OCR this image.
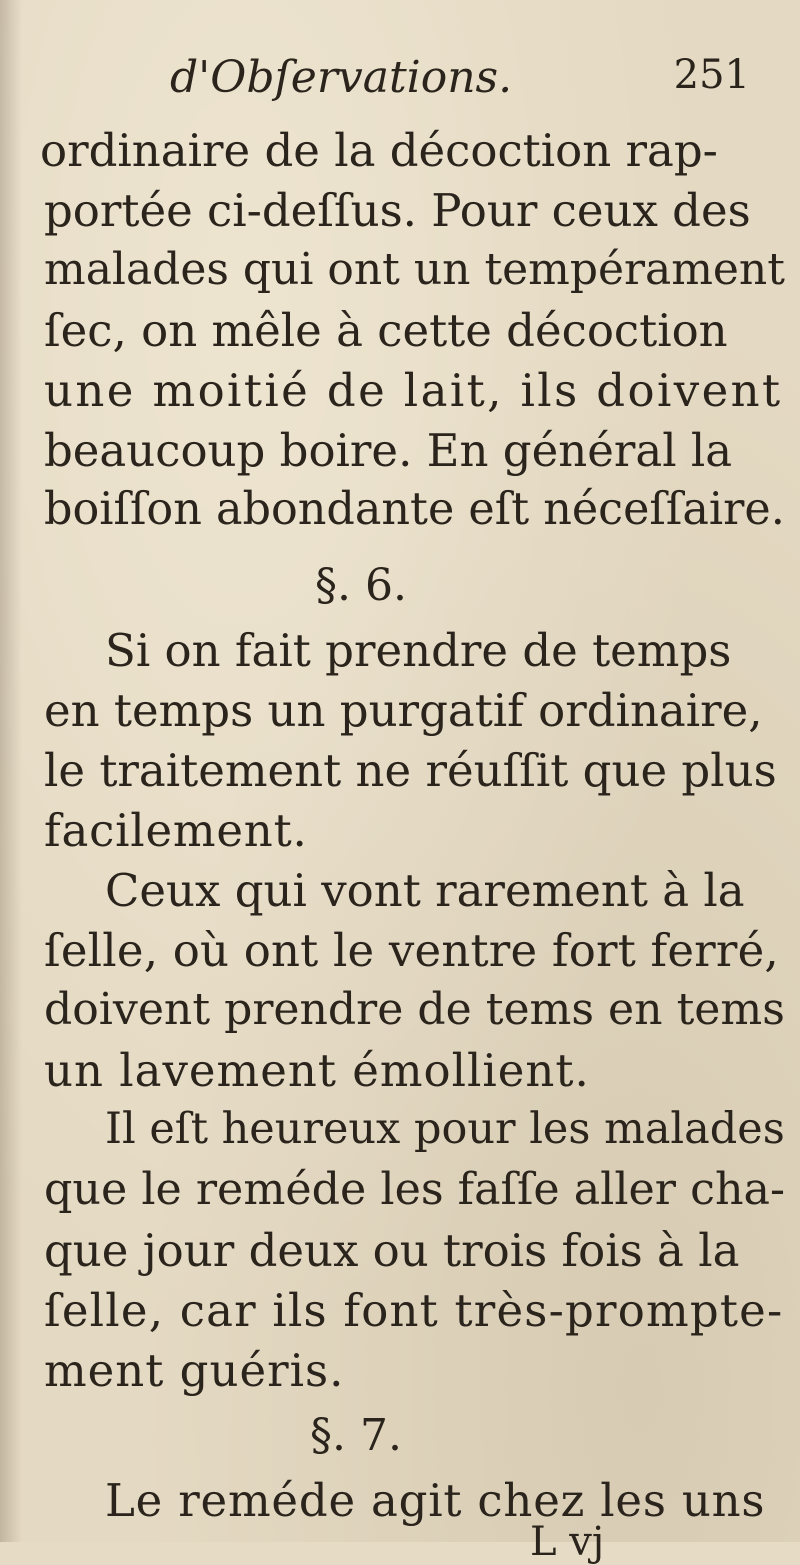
d'Obſervations.	251
ordinaire de la décoction rap-
portée ci-deſſus. Pour ceux des
malades qui ont un tempérament
ſec, on mêle à cette décoction
une moitié de lait, ils doivent
beaucoup boire. En général la
boiſſon abondante eſt néceſſaire.
§. 6.
Si on fait prendre de temps
en temps un purgatif ordinaire,
le traitement ne réuſſit que plus
facilement.
Ceux qui vont rarement à la
ſelle, où ont le ventre fort ferré,
doivent prendre de tems en tems
un lavement émollient.
Il eſt heureux pour les malades
que le reméde les faſſe aller cha-
que jour deux ou trois fois à la
ſelle, car ils font très-prompte-
ment guéris.
§. 7.
Le reméde agit chez les uns
L vj
